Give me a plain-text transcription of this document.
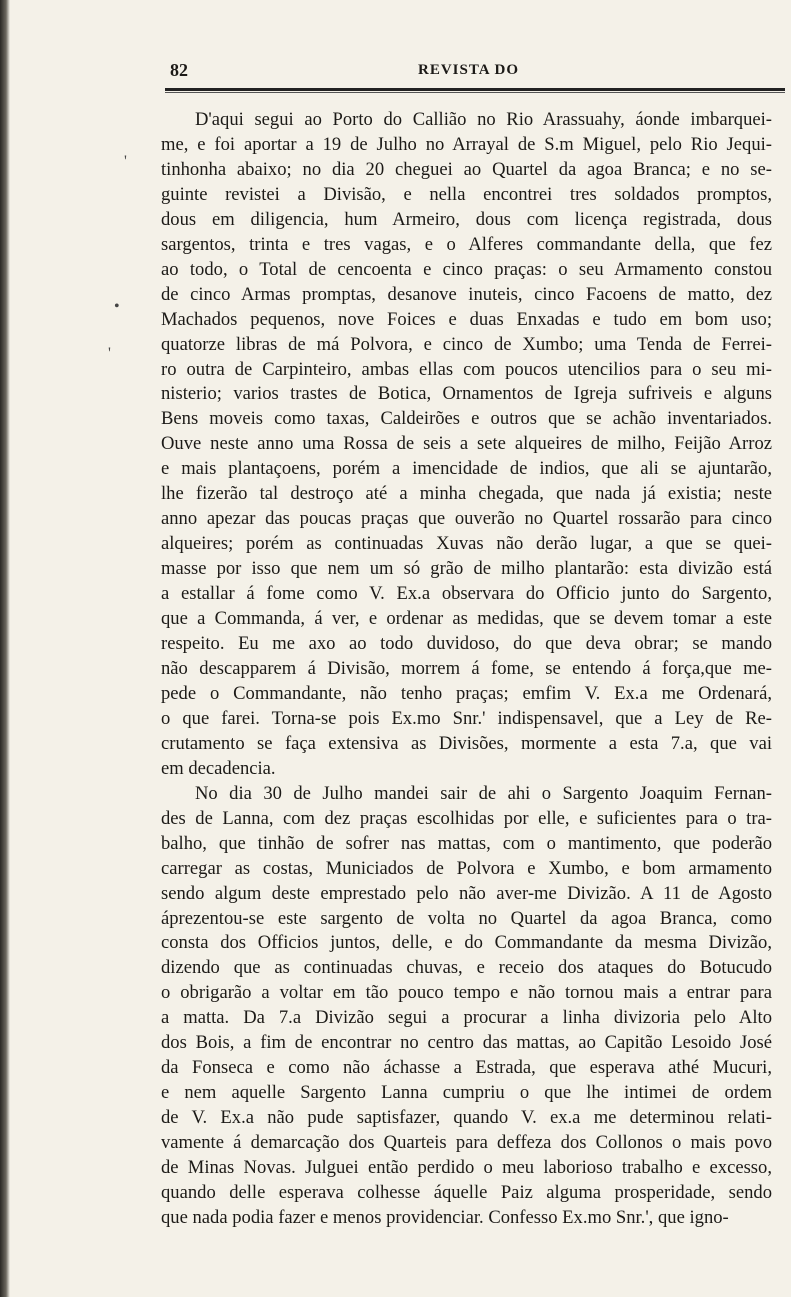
82	REVISTA DO
'
•
'
D'aqui segui ao Porto do Callião no Rio Arassuahy, áonde imbarquei-
me, e foi aportar a 19 de Julho no Arrayal de S.m Miguel, pelo Rio Jequi-
tinhonha abaixo; no dia 20 cheguei ao Quartel da agoa Branca; e no se-
guinte revistei a Divisão, e nella encontrei tres soldados promptos,
dous em diligencia, hum Armeiro, dous com licença registrada, dous
sargentos, trinta e tres vagas, e o Alferes commandante della, que fez
ao todo, o Total de cencoenta e cinco praças: o seu Armamento constou
de cinco Armas promptas, desanove inuteis, cinco Facoens de matto, dez
Machados pequenos, nove Foices e duas Enxadas e tudo em bom uso;
quatorze libras de má Polvora, e cinco de Xumbo; uma Tenda de Ferrei-
ro outra de Carpinteiro, ambas ellas com poucos utencilios para o seu mi-
nisterio; varios trastes de Botica, Ornamentos de Igreja sufriveis e alguns
Bens moveis como taxas, Caldeirões e outros que se achão inventariados.
Ouve neste anno uma Rossa de seis a sete alqueires de milho, Feijão Arroz
e mais plantaçoens, porém a imencidade de indios, que ali se ajuntarão,
lhe fizerão tal destroço até a minha chegada, que nada já existia; neste
anno apezar das poucas praças que ouverão no Quartel rossarão para cinco
alqueires; porém as continuadas Xuvas não derão lugar, a que se quei-
masse por isso que nem um só grão de milho plantarão: esta divizão está
a estallar á fome como V. Ex.a observara do Officio junto do Sargento,
que a Commanda, á ver, e ordenar as medidas, que se devem tomar a este
respeito. Eu me axo ao todo duvidoso, do que deva obrar; se mando
não descapparem á Divisão, morrem á fome, se entendo á força,que me-
pede o Commandante, não tenho praças; emfim V. Ex.a me Ordenará,
o que farei. Torna-se pois Ex.mo Snr.' indispensavel, que a Ley de Re-
crutamento se faça extensiva as Divisões, mormente a esta 7.a, que vai
em decadencia.
No dia 30 de Julho mandei sair de ahi o Sargento Joaquim Fernan-
des de Lanna, com dez praças escolhidas por elle, e suficientes para o tra-
balho, que tinhão de sofrer nas mattas, com o mantimento, que poderão
carregar as costas, Municiados de Polvora e Xumbo, e bom armamento
sendo algum deste emprestado pelo não aver-me Divizão. A 11 de Agosto
áprezentou-se este sargento de volta no Quartel da agoa Branca, como
consta dos Officios juntos, delle, e do Commandante da mesma Divizão,
dizendo que as continuadas chuvas, e receio dos ataques do Botucudo
o obrigarão a voltar em tão pouco tempo e não tornou mais a entrar para
a matta. Da 7.a Divizão segui a procurar a linha divizoria pelo Alto
dos Bois, a fim de encontrar no centro das mattas, ao Capitão Lesoido José
da Fonseca e como não áchasse a Estrada, que esperava athé Mucuri,
e nem aquelle Sargento Lanna cumpriu o que lhe intimei de ordem
de V. Ex.a não pude saptisfazer, quando V. ex.a me determinou relati-
vamente á demarcação dos Quarteis para deffeza dos Collonos o mais povo
de Minas Novas. Julguei então perdido o meu laborioso trabalho e excesso,
quando delle esperava colhesse áquelle Paiz alguma prosperidade, sendo
que nada podia fazer e menos providenciar. Confesso Ex.mo Snr.', que igno-
